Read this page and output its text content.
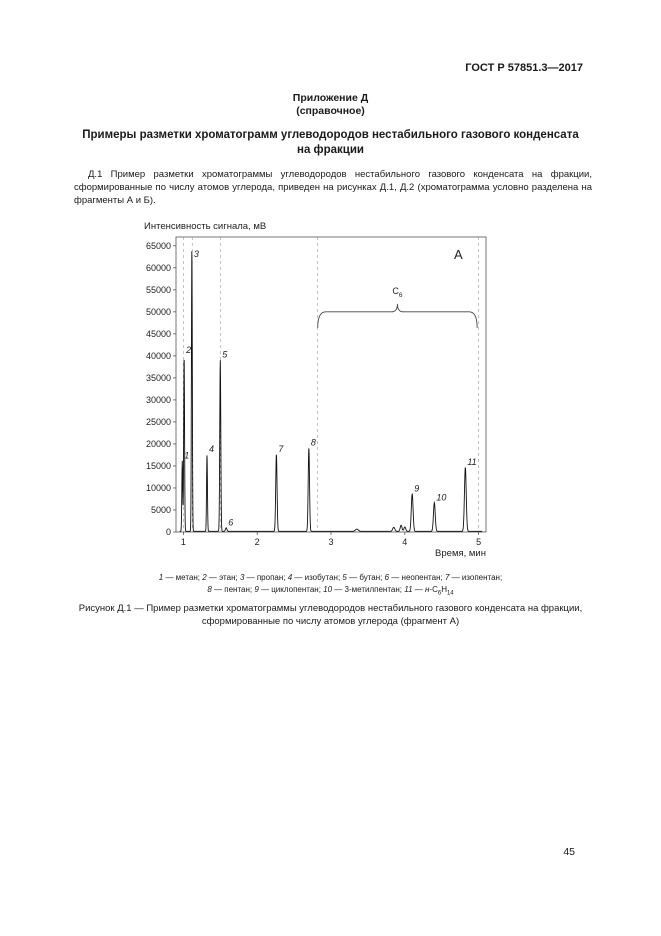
ГОСТ Р 57851.3—2017
Приложение Д
(справочное)
Примеры разметки хроматограмм углеводородов нестабильного газового конденсата
на фракции
Д.1 Пример разметки хроматограммы углеводородов нестабильного газового конденсата на фракции, сформированные по числу атомов углерода, приведен на рисунках Д.1, Д.2 (хроматограмма условно разделена на фрагменты А и Б).
Интенсивность сигнала, мВ
0
5000
10000
15000
20000
25000
30000
35000
40000
45000
50000
55000
60000
65000
1	2	3	4	5
1
2
3
4
5
6
7
8
9
10
11
$C_6$
А
Время, мин
1 — метан; 2 — этан; 3 — пропан; 4 — изобутан; 5 — бутан; 6 — неопентан; 7 — изопентан;
8 — пентан; 9 — циклопентан; 10 — 3-метилпентан; 11 — $н-C_6H_{14}$
Рисунок Д.1 — Пример разметки хроматограммы углеводородов нестабильного газового конденсата на фракции,
сформированные по числу атомов углерода (фрагмент А)
45
